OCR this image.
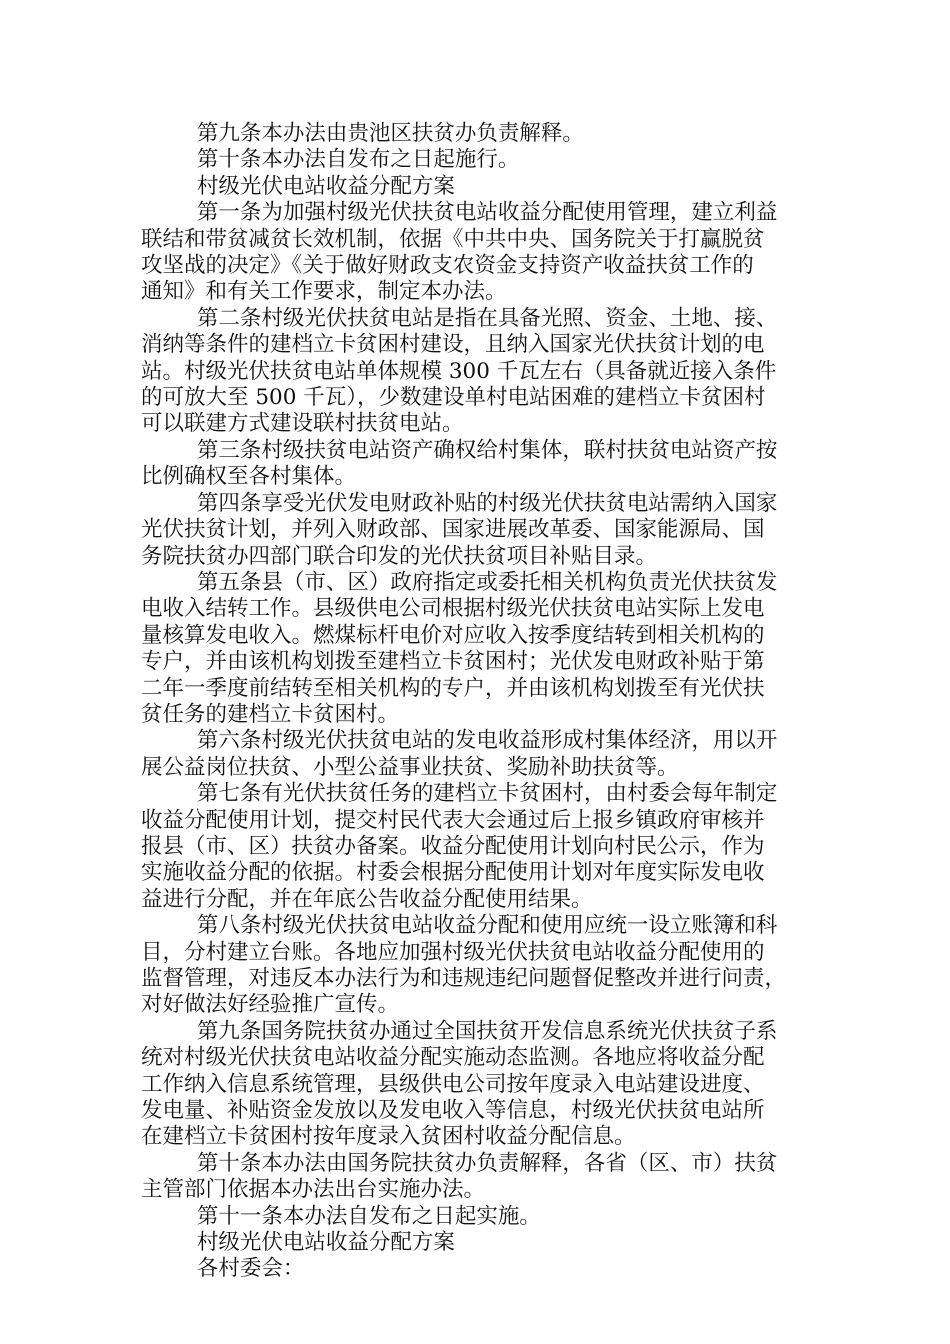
第九条本办法由贵池区扶贫办负责解释。
第十条本办法自发布之日起施行。
村级光伏电站收益分配方案
第一条为加强村级光伏扶贫电站收益分配使用管理，建立利益
联结和带贫减贫长效机制，依据《中共中央、国务院关于打赢脱贫
攻坚战的决定》《关于做好财政支农资金支持资产收益扶贫工作的
通知》和有关工作要求，制定本办法。
第二条村级光伏扶贫电站是指在具备光照、资金、土地、接、
消纳等条件的建档立卡贫困村建设，且纳入国家光伏扶贫计划的电
站。村级光伏扶贫电站单体规模 300 千瓦左右（具备就近接入条件
的可放大至 500 千瓦），少数建设单村电站困难的建档立卡贫困村
可以联建方式建设联村扶贫电站。
第三条村级扶贫电站资产确权给村集体，联村扶贫电站资产按
比例确权至各村集体。
第四条享受光伏发电财政补贴的村级光伏扶贫电站需纳入国家
光伏扶贫计划，并列入财政部、国家进展改革委、国家能源局、国
务院扶贫办四部门联合印发的光伏扶贫项目补贴目录。
第五条县（市、区）政府指定或委托相关机构负责光伏扶贫发
电收入结转工作。县级供电公司根据村级光伏扶贫电站实际上发电
量核算发电收入。燃煤标杆电价对应收入按季度结转到相关机构的
专户，并由该机构划拨至建档立卡贫困村；光伏发电财政补贴于第
二年一季度前结转至相关机构的专户，并由该机构划拨至有光伏扶
贫任务的建档立卡贫困村。
第六条村级光伏扶贫电站的发电收益形成村集体经济，用以开
展公益岗位扶贫、小型公益事业扶贫、奖励补助扶贫等。
第七条有光伏扶贫任务的建档立卡贫困村，由村委会每年制定
收益分配使用计划，提交村民代表大会通过后上报乡镇政府审核并
报县（市、区）扶贫办备案。收益分配使用计划向村民公示，作为
实施收益分配的依据。村委会根据分配使用计划对年度实际发电收
益进行分配，并在年底公告收益分配使用结果。
第八条村级光伏扶贫电站收益分配和使用应统一设立账簿和科
目，分村建立台账。各地应加强村级光伏扶贫电站收益分配使用的
监督管理，对违反本办法行为和违规违纪问题督促整改并进行问责，
对好做法好经验推广宣传。
第九条国务院扶贫办通过全国扶贫开发信息系统光伏扶贫子系
统对村级光伏扶贫电站收益分配实施动态监测。各地应将收益分配
工作纳入信息系统管理，县级供电公司按年度录入电站建设进度、
发电量、补贴资金发放以及发电收入等信息，村级光伏扶贫电站所
在建档立卡贫困村按年度录入贫困村收益分配信息。
第十条本办法由国务院扶贫办负责解释，各省（区、市）扶贫
主管部门依据本办法出台实施办法。
第十一条本办法自发布之日起实施。
村级光伏电站收益分配方案
各村委会：
